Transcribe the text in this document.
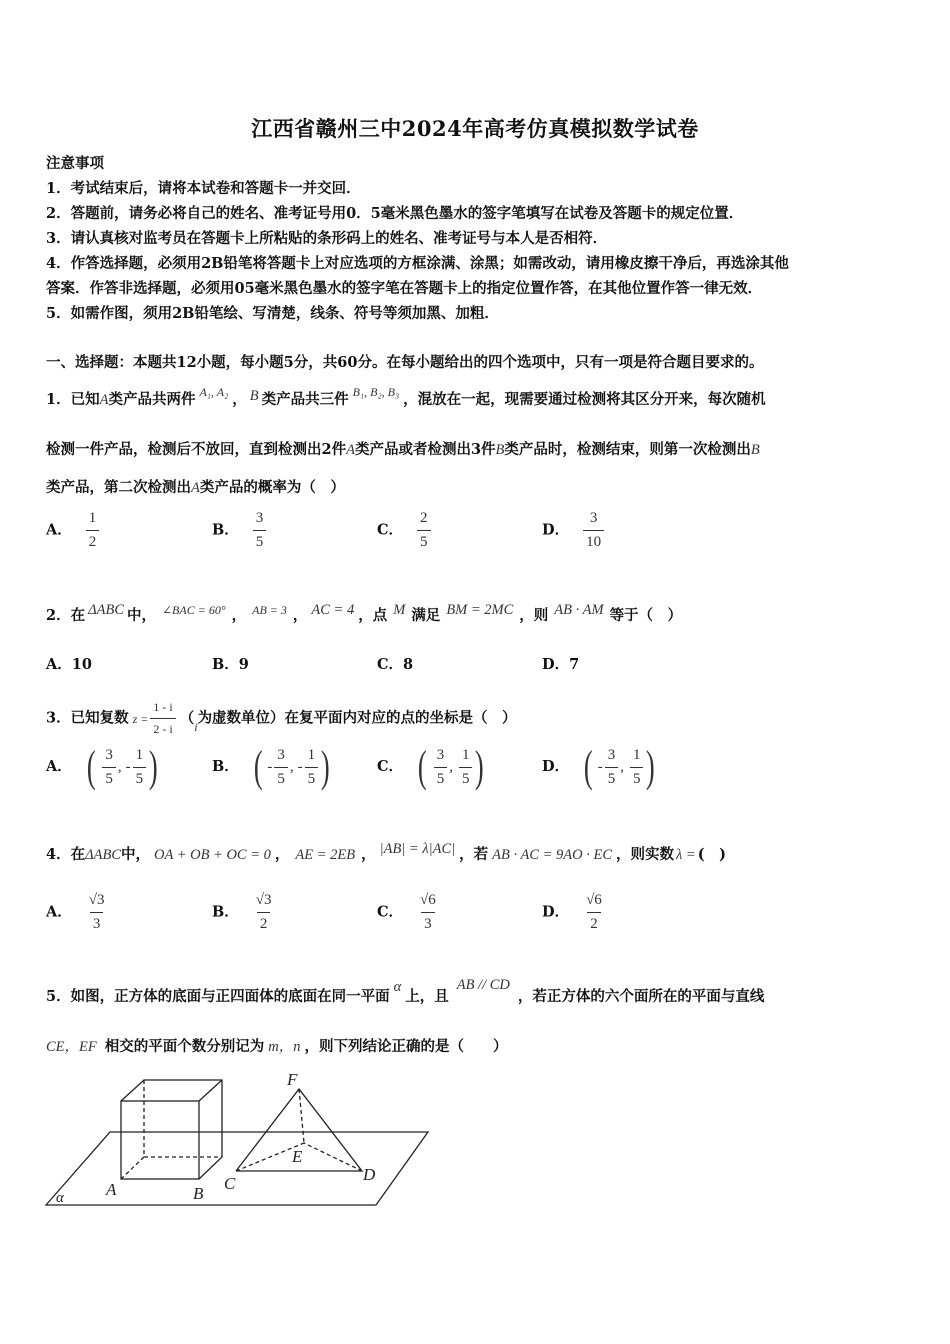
江西省赣州三中2024年高考仿真模拟数学试卷
注意事项
1．考试结束后，请将本试卷和答题卡一并交回．
2．答题前，请务必将自己的姓名、准考证号用0．5毫米黑色墨水的签字笔填写在试卷及答题卡的规定位置．
3．请认真核对监考员在答题卡上所粘贴的条形码上的姓名、准考证号与本人是否相符．
4．作答选择题，必须用2B铅笔将答题卡上对应选项的方框涂满、涂黑；如需改动，请用橡皮擦干净后，再选涂其他
答案．作答非选择题，必须用05毫米黑色墨水的签字笔在答题卡上的指定位置作答，在其他位置作答一律无效．
5．如需作图，须用2B铅笔绘、写清楚，线条、符号等须加黑、加粗．
一、选择题：本题共12小题，每小题5分，共60分。在每小题给出的四个选项中，只有一项是符合题目要求的。
1．已知A类产品共两件 $^{A_1, A_2}$ ， B 类产品共三件 $^{B_1, B_2, B_3}$ ，混放在一起，现需要通过检测将其区分开来，每次随机
检测一件产品，检测后不放回，直到检测出2件A类产品或者检测出3件B类产品时，检测结束，则第一次检测出B
类产品，第二次检测出A类产品的概率为（　）
A． $\frac{1}{2}$	B． $\frac{3}{5}$	C． $\frac{2}{5}$	D． $\frac{3}{10}$
2．在 ΔABC 中， $^{\angle BAC = 60^\circ}$ ， $^{AB = 3}$ ， AC = 4 ，点 M 满足 BM = 2MC ，则 AB · AM 等于（　）
A．10	B．9	C．8	D．7
3．已知复数 $z = \frac{1 - i}{2 - i} (_i$为虚数单位）在复平面内对应的点的坐标是（　）
A． ( $\frac{3}{5}$ , - $\frac{1}{5}$ )	B． ( - $\frac{3}{5}$ , - $\frac{1}{5}$ )	C． ( $\frac{3}{5}$ , $\frac{1}{5}$ )	D． ( - $\frac{3}{5}$ , $\frac{1}{5}$ )
4．在ΔABC中， OA + OB + OC = 0 ， AE = 2EB ， |AB| = λ|AC| ，若 AB · AC = 9AO · EC ，则实数 λ = (　)
A． $\frac{√3}{3}$	B． $\frac{√3}{2}$	C． $\frac{√6}{3}$	D． $\frac{√6}{2}$
5．如图，正方体的底面与正四面体的底面在同一平面α上，且AB // CD，若正方体的六个面所在的平面与直线
CE，EF 相交的平面个数分别记为 m，n ，则下列结论正确的是（　　）
F
E
A	B
C	D
α
